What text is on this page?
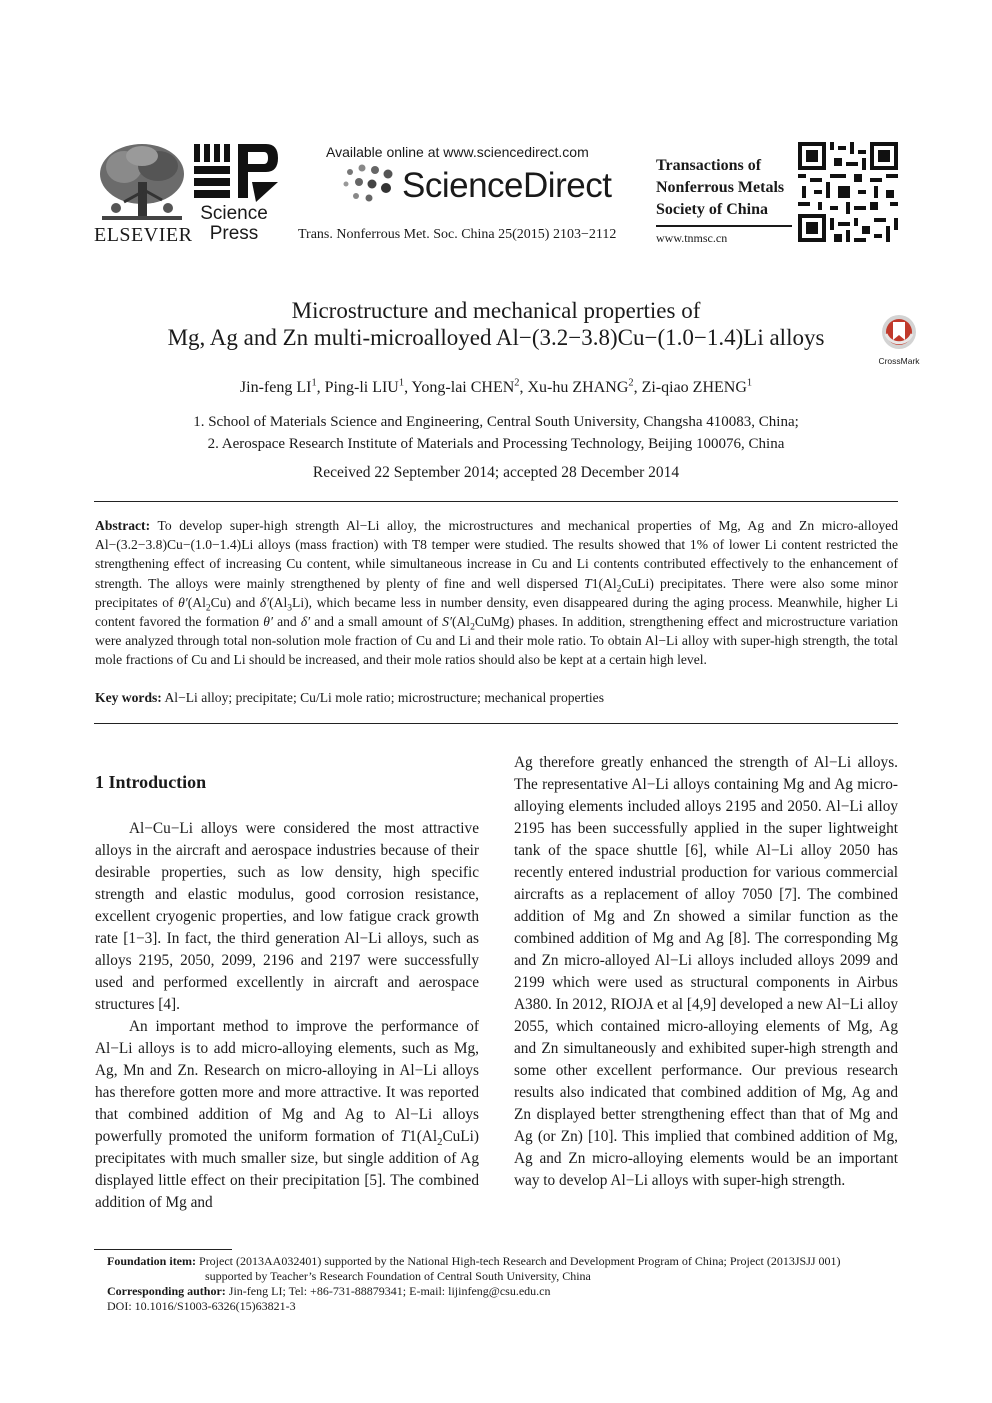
ELSEVIER
Science
Press
Available online at www.sciencedirect.com
ScienceDirect
Trans. Nonferrous Met. Soc. China 25(2015) 2103−2112
Transactions of
Nonferrous Metals
Society of China
www.tnmsc.cn
Microstructure and mechanical properties of
Mg, Ag and Zn multi-microalloyed Al−(3.2−3.8)Cu−(1.0−1.4)Li alloys
CrossMark
Jin-feng $LI^1$, Ping-li LIU$^1$, Yong-lai CHEN$^2$, Xu-hu ZHANG$^2$, Zi-qiao ZHENG$^1$
1. School of Materials Science and Engineering, Central South University, Changsha 410083, China;
2. Aerospace Research Institute of Materials and Processing Technology, Beijing 100076, China
Received 22 September 2014; accepted 28 December 2014
Abstract: To develop super-high strength Al−Li alloy, the microstructures and mechanical properties of Mg, Ag and Zn micro-alloyed Al−(3.2−3.8)Cu−(1.0−1.4)Li alloys (mass fraction) with T8 temper were studied. The results showed that 1% of lower Li content restricted the strengthening effect of increasing Cu content, while simultaneous increase in Cu and Li contents contributed effectively to the enhancement of strength. The alloys were mainly strengthened by plenty of fine and well dispersed $T1(Al_2CuLi)$ precipitates. There were also some minor precipitates of $\theta'(Al_2Cu)$ and $\delta'(Al_3Li)$, which became less in number density, even disappeared during the aging process. Meanwhile, higher Li content favored the formation θ′ and δ′ and a small amount of $S'(Al_2CuMg)$ phases. In addition, strengthening effect and microstructure variation were analyzed through total non-solution mole fraction of Cu and Li and their mole ratio. To obtain Al−Li alloy with super-high strength, the total mole fractions of Cu and Li should be increased, and their mole ratios should also be kept at a certain high level.
Key words: Al−Li alloy; precipitate; Cu/Li mole ratio; microstructure; mechanical properties
1 Introduction

Al−Cu−Li alloys were considered the most attractive alloys in the aircraft and aerospace industries because of their desirable properties, such as low density, high specific strength and elastic modulus, good corrosion resistance, excellent cryogenic properties, and low fatigue crack growth rate [1−3]. In fact, the third generation Al−Li alloys, such as alloys 2195, 2050, 2099, 2196 and 2197 were successfully used and performed excellently in aircraft and aerospace structures [4].

An important method to improve the performance of Al−Li alloys is to add micro-alloying elements, such as Mg, Ag, Mn and Zn. Research on micro-alloying in Al−Li alloys has therefore gotten more and more attractive. It was reported that combined addition of Mg and Ag to Al−Li alloys powerfully promoted the uniform formation of $T1(Al_2CuLi)$ precipitates with much smaller size, but single addition of Ag displayed little effect on their precipitation [5]. The combined addition of Mg and

Ag therefore greatly enhanced the strength of Al−Li alloys. The representative Al−Li alloys containing Mg and Ag micro-alloying elements included alloys 2195 and 2050. Al−Li alloy 2195 has been successfully applied in the super lightweight tank of the space shuttle [6], while Al−Li alloy 2050 has recently entered industrial production for various commercial aircrafts as a replacement of alloy 7050 [7]. The combined addition of Mg and Zn showed a similar function as the combined addition of Mg and Ag [8]. The corresponding Mg and Zn micro-alloyed Al−Li alloys included alloys 2099 and 2199 which were used as structural components in Airbus A380. In 2012, RIOJA et al [4,9] developed a new Al−Li alloy 2055, which contained micro-alloying elements of Mg, Ag and Zn simultaneously and exhibited super-high strength and some other excellent performance. Our previous research results also indicated that combined addition of Mg, Ag and Zn displayed better strengthening effect than that of Mg and Ag (or Zn) [10]. This implied that combined addition of Mg, Ag and Zn micro-alloying elements would be an important way to develop Al−Li alloys with super-high strength.

Foundation item: Project (2013AA032401) supported by the National High-tech Research and Development Program of China; Project (2013JSJJ 001)
supported by Teacher’s Research Foundation of Central South University, China
Corresponding author: Jin-feng LI; Tel: +86-731-88879341; E-mail: lijinfeng@csu.edu.cn
DOI: 10.1016/S1003-6326(15)63821-3
